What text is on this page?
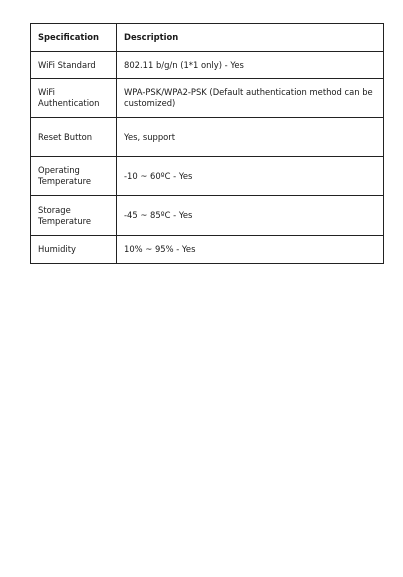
Specification	Description
WiFi Standard	802.11 b/g/n (1*1 only) - Yes
WiFi Authentication	WPA-PSK/WPA2-PSK (Default authentication method can be customized)
Reset Button	Yes, support
Operating Temperature	-10 ~ 60ºC - Yes
Storage Temperature	-45 ~ 85ºC - Yes
Humidity	10% ~ 95% - Yes
